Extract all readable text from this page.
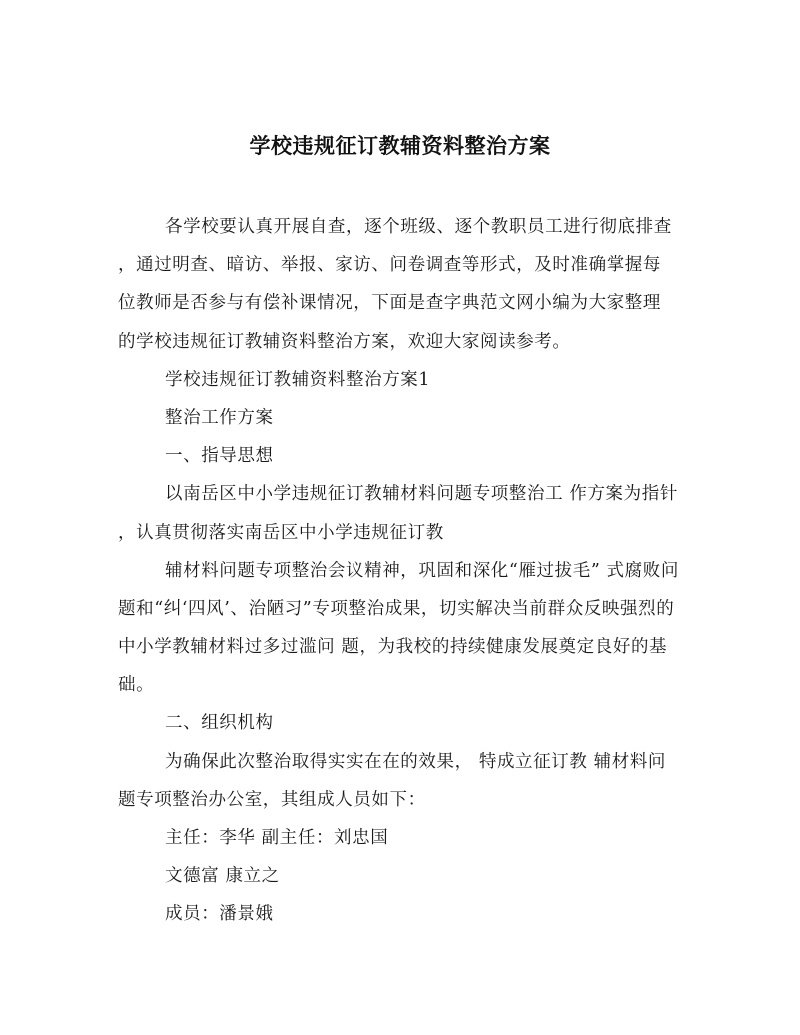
学校违规征订教辅资料整治方案
各学校要认真开展自查，逐个班级、逐个教职员工进行彻底排查
，通过明查、暗访、举报、家访、问卷调查等形式，及时准确掌握每
位教师是否参与有偿补课情况，下面是查字典范文网小编为大家整理
的学校违规征订教辅资料整治方案，欢迎大家阅读参考。
学校违规征订教辅资料整治方案1
整治工作方案
一、指导思想
以南岳区中小学违规征订教辅材料问题专项整治工 作方案为指针
，认真贯彻落实南岳区中小学违规征订教
辅材料问题专项整治会议精神，巩固和深化“雁过拔毛” 式腐败问
题和“纠‘四风’、治陋习”专项整治成果，切实解决当前群众反映强烈的
中小学教辅材料过多过滥问 题，为我校的持续健康发展奠定良好的基
础。
二、组织机构
为确保此次整治取得实实在在的效果， 特成立征订教 辅材料问
题专项整治办公室，其组成人员如下：
主任：李华 副主任：刘忠国
文德富 康立之
成员：潘景娥
